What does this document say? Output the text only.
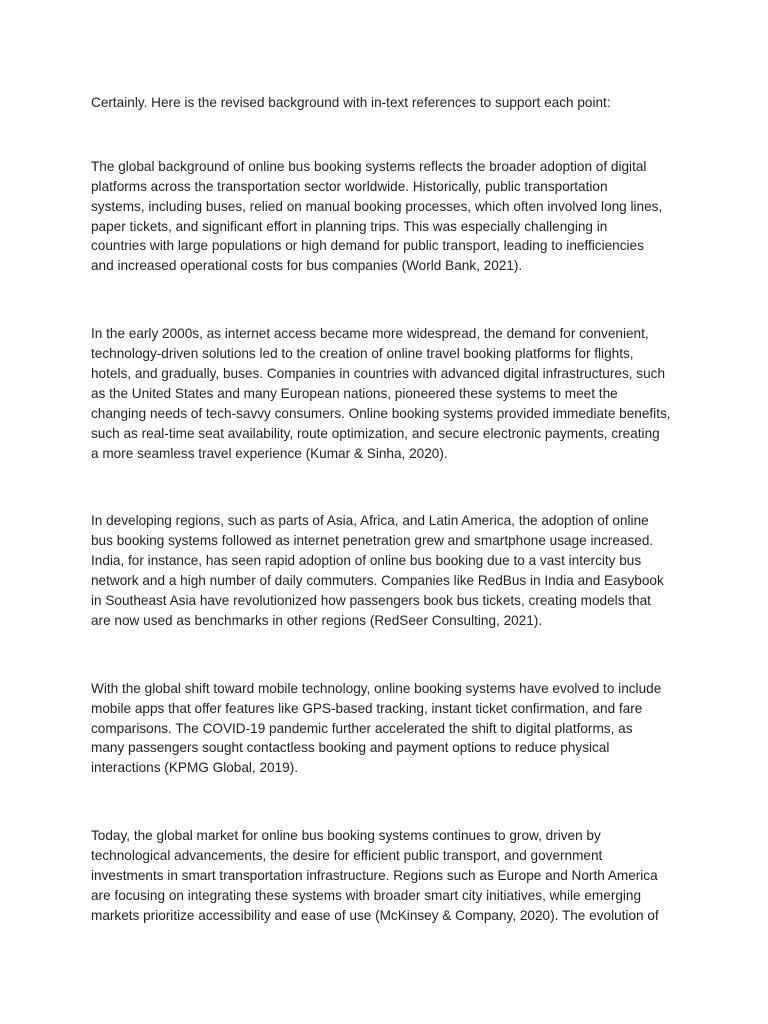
Certainly. Here is the revised background with in-text references to support each point:

The global background of online bus booking systems reflects the broader adoption of digital
platforms across the transportation sector worldwide. Historically, public transportation
systems, including buses, relied on manual booking processes, which often involved long lines,
paper tickets, and significant effort in planning trips. This was especially challenging in
countries with large populations or high demand for public transport, leading to inefficiencies
and increased operational costs for bus companies (World Bank, 2021).

In the early 2000s, as internet access became more widespread, the demand for convenient,
technology-driven solutions led to the creation of online travel booking platforms for flights,
hotels, and gradually, buses. Companies in countries with advanced digital infrastructures, such
as the United States and many European nations, pioneered these systems to meet the
changing needs of tech-savvy consumers. Online booking systems provided immediate benefits,
such as real-time seat availability, route optimization, and secure electronic payments, creating
a more seamless travel experience (Kumar & Sinha, 2020).

In developing regions, such as parts of Asia, Africa, and Latin America, the adoption of online
bus booking systems followed as internet penetration grew and smartphone usage increased.
India, for instance, has seen rapid adoption of online bus booking due to a vast intercity bus
network and a high number of daily commuters. Companies like RedBus in India and Easybook
in Southeast Asia have revolutionized how passengers book bus tickets, creating models that
are now used as benchmarks in other regions (RedSeer Consulting, 2021).

With the global shift toward mobile technology, online booking systems have evolved to include
mobile apps that offer features like GPS-based tracking, instant ticket confirmation, and fare
comparisons. The COVID-19 pandemic further accelerated the shift to digital platforms, as
many passengers sought contactless booking and payment options to reduce physical
interactions (KPMG Global, 2019).

Today, the global market for online bus booking systems continues to grow, driven by
technological advancements, the desire for efficient public transport, and government
investments in smart transportation infrastructure. Regions such as Europe and North America
are focusing on integrating these systems with broader smart city initiatives, while emerging
markets prioritize accessibility and ease of use (McKinsey & Company, 2020). The evolution of
